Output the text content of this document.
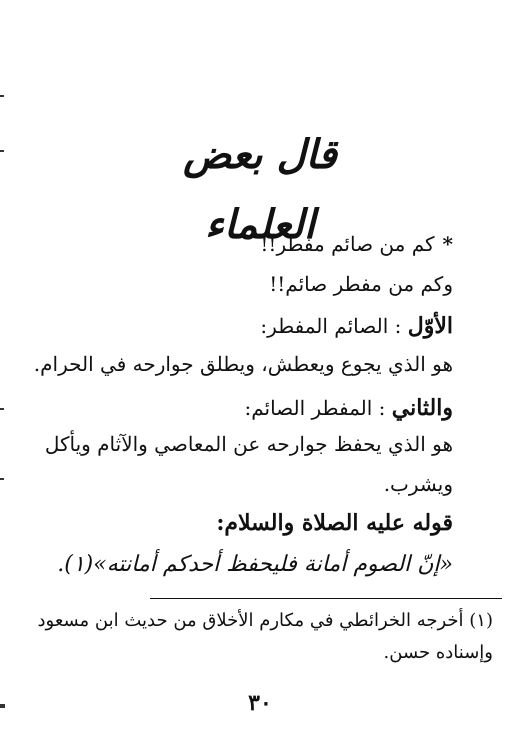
قال بعض العلماء	*كم من صائم مفطر!!
وكم من مفطر صائم!!
الأوّل : الصائم المفطر:
هو الذي يجوع ويعطش، ويطلق جوارحه في الحرام.
والثاني : المفطر الصائم:
هو الذي يحفظ جوارحه عن المعاصي والآثام ويأكل
ويشرب.
قوله عليه الصلاة والسلام:
«إنّ الصوم أمانة فليحفظ أحدكم أمانته»(١).
(١) أخرجه الخرائطي في مكارم الأخلاق من حديث ابن مسعود
وإسناده حسن.
٣٠
